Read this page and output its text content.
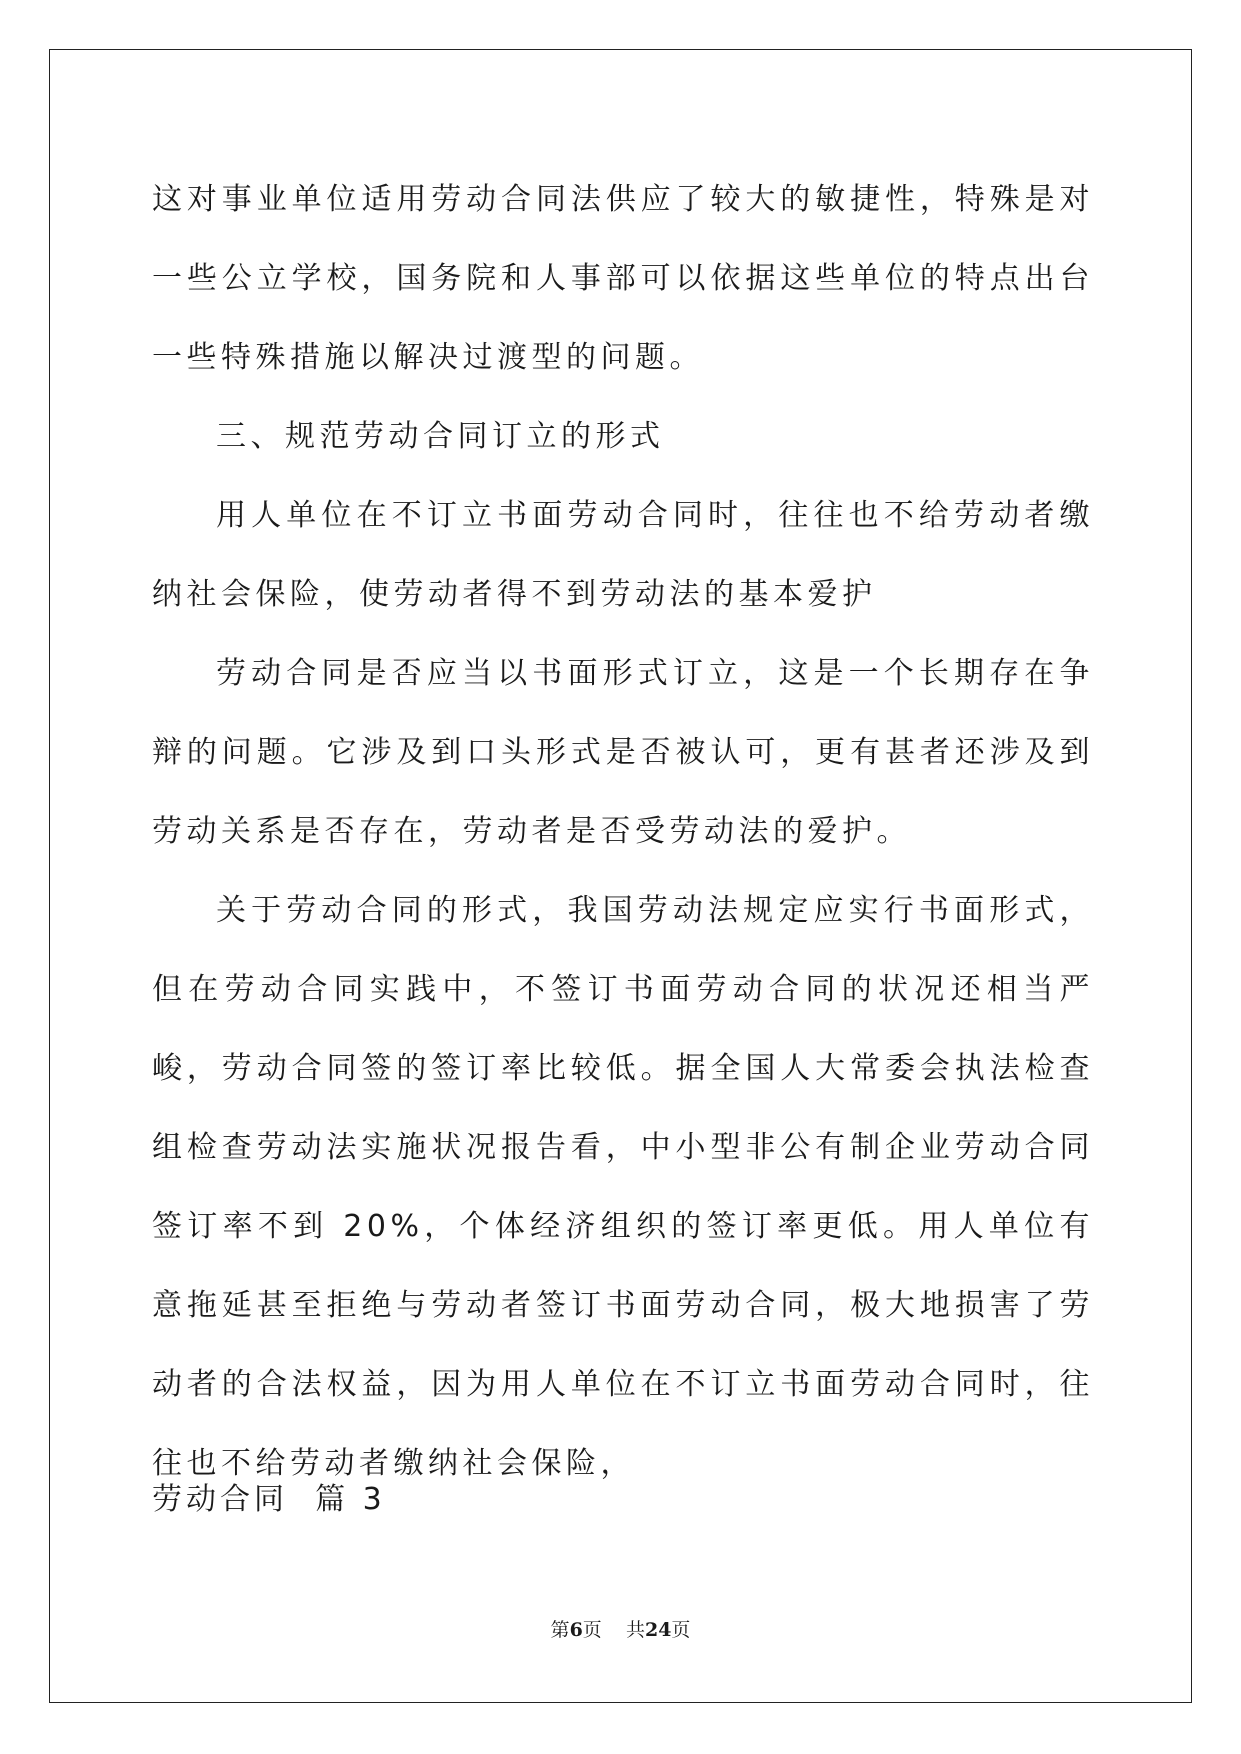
这对事业单位适用劳动合同法供应了较大的敏捷性，特殊是对一些公立学校，国务院和人事部可以依据这些单位的特点出台一些特殊措施以解决过渡型的问题。

三、规范劳动合同订立的形式

用人单位在不订立书面劳动合同时，往往也不给劳动者缴纳社会保险，使劳动者得不到劳动法的基本爱护

劳动合同是否应当以书面形式订立，这是一个长期存在争辩的问题。它涉及到口头形式是否被认可，更有甚者还涉及到劳动关系是否存在，劳动者是否受劳动法的爱护。

关于劳动合同的形式，我国劳动法规定应实行书面形式，但在劳动合同实践中，不签订书面劳动合同的状况还相当严峻，劳动合同签的签订率比较低。据全国人大常委会执法检查组检查劳动法实施状况报告看，中小型非公有制企业劳动合同签订率不到 20%，个体经济组织的签订率更低。用人单位有意拖延甚至拒绝与劳动者签订书面劳动合同，极大地损害了劳动者的合法权益，因为用人单位在不订立书面劳动合同时，往往也不给劳动者缴纳社会保险，

劳动合同  篇 3

第6页    共24页
